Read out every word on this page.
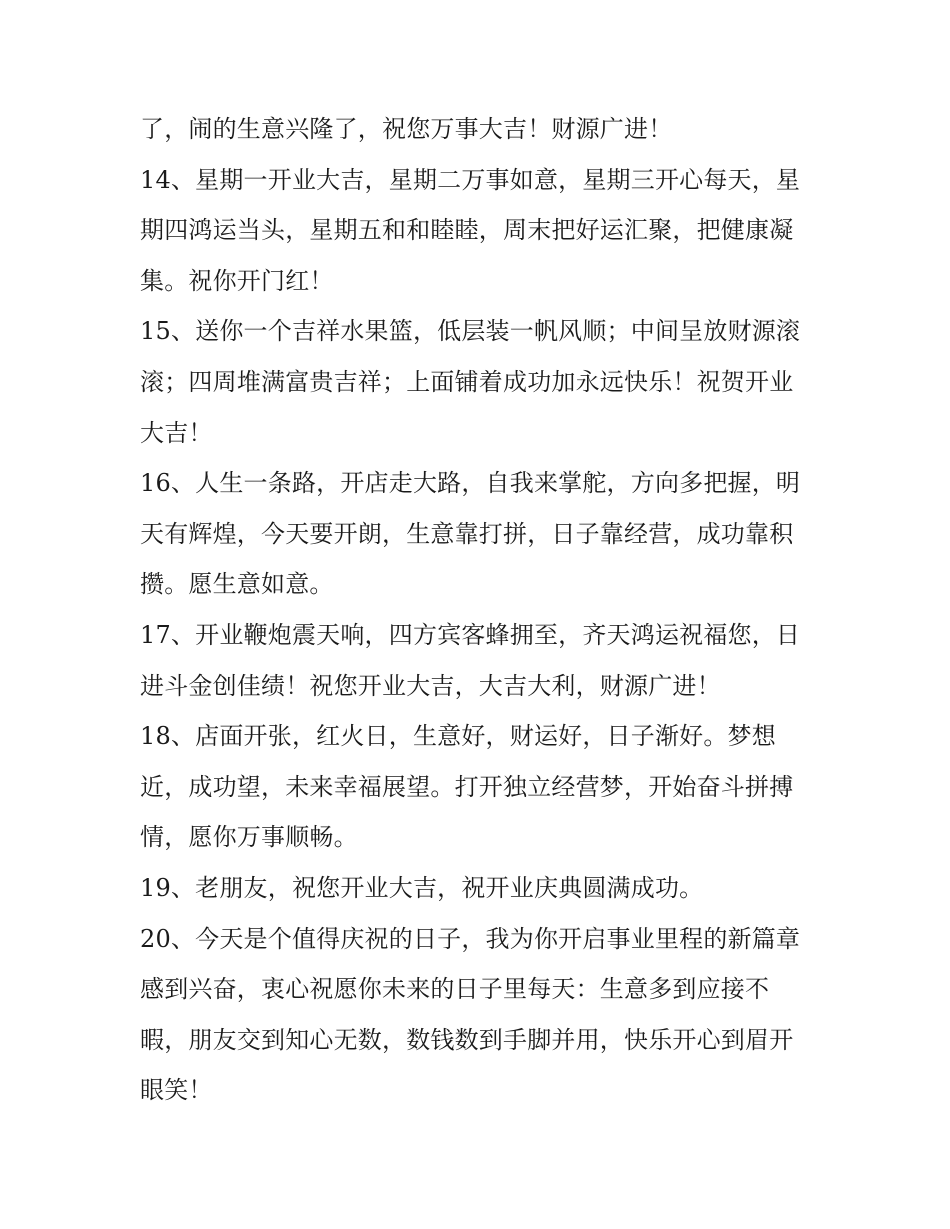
了，闹的生意兴隆了，祝您万事大吉！财源广进！
14、星期一开业大吉，星期二万事如意，星期三开心每天，星
期四鸿运当头，星期五和和睦睦，周末把好运汇聚，把健康凝
集。祝你开门红！
15、送你一个吉祥水果篮，低层装一帆风顺；中间呈放财源滚
滚；四周堆满富贵吉祥；上面铺着成功加永远快乐！祝贺开业
大吉！
16、人生一条路，开店走大路，自我来掌舵，方向多把握，明
天有辉煌，今天要开朗，生意靠打拼，日子靠经营，成功靠积
攒。愿生意如意。
17、开业鞭炮震天响，四方宾客蜂拥至，齐天鸿运祝福您，日
进斗金创佳绩！祝您开业大吉，大吉大利，财源广进！
18、店面开张，红火日，生意好，财运好，日子渐好。梦想
近，成功望，未来幸福展望。打开独立经营梦，开始奋斗拼搏
情，愿你万事顺畅。
19、老朋友，祝您开业大吉，祝开业庆典圆满成功。
20、今天是个值得庆祝的日子，我为你开启事业里程的新篇章
感到兴奋，衷心祝愿你未来的日子里每天：生意多到应接不
暇，朋友交到知心无数，数钱数到手脚并用，快乐开心到眉开
眼笑！
